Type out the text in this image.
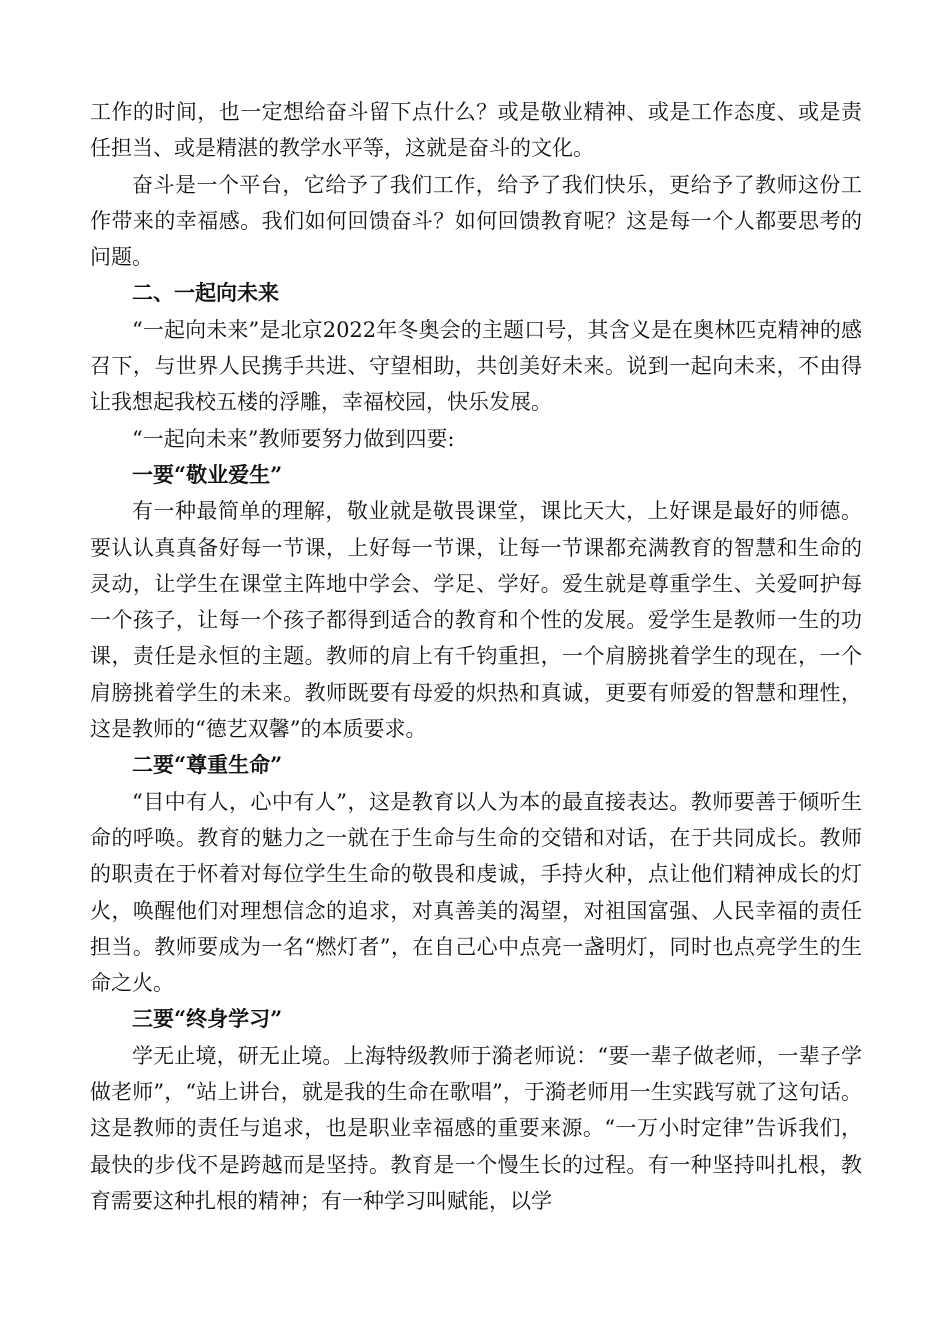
工作的时间，也一定想给奋斗留下点什么？或是敬业精神、或是工作态度、或是责任担当、或是精湛的教学水平等，这就是奋斗的文化。

奋斗是一个平台，它给予了我们工作，给予了我们快乐，更给予了教师这份工作带来的幸福感。我们如何回馈奋斗？如何回馈教育呢？这是每一个人都要思考的问题。

二、一起向未来

“一起向未来”是北京2022年冬奥会的主题口号，其含义是在奥林匹克精神的感召下，与世界人民携手共进、守望相助，共创美好未来。说到一起向未来，不由得让我想起我校五楼的浮雕，幸福校园，快乐发展。

“一起向未来”教师要努力做到四要:

一要“敬业爱生”

有一种最简单的理解，敬业就是敬畏课堂，课比天大，上好课是最好的师德。要认认真真备好每一节课，上好每一节课，让每一节课都充满教育的智慧和生命的灵动，让学生在课堂主阵地中学会、学足、学好。爱生就是尊重学生、关爱呵护每一个孩子，让每一个孩子都得到适合的教育和个性的发展。爱学生是教师一生的功课，责任是永恒的主题。教师的肩上有千钧重担，一个肩膀挑着学生的现在，一个肩膀挑着学生的未来。教师既要有母爱的炽热和真诚，更要有师爱的智慧和理性，这是教师的“德艺双馨”的本质要求。

二要“尊重生命”

“目中有人，心中有人”，这是教育以人为本的最直接表达。教师要善于倾听生命的呼唤。教育的魅力之一就在于生命与生命的交错和对话，在于共同成长。教师的职责在于怀着对每位学生生命的敬畏和虔诚，手持火种，点让他们精神成长的灯火，唤醒他们对理想信念的追求，对真善美的渴望，对祖国富强、人民幸福的责任担当。教师要成为一名“燃灯者”，在自己心中点亮一盏明灯，同时也点亮学生的生命之火。

三要“终身学习”

学无止境，研无止境。上海特级教师于漪老师说：“要一辈子做老师，一辈子学做老师”，“站上讲台，就是我的生命在歌唱”，于漪老师用一生实践写就了这句话。这是教师的责任与追求，也是职业幸福感的重要来源。“一万小时定律”告诉我们，最快的步伐不是跨越而是坚持。教育是一个慢生长的过程。有一种坚持叫扎根，教育需要这种扎根的精神；有一种学习叫赋能，以学
